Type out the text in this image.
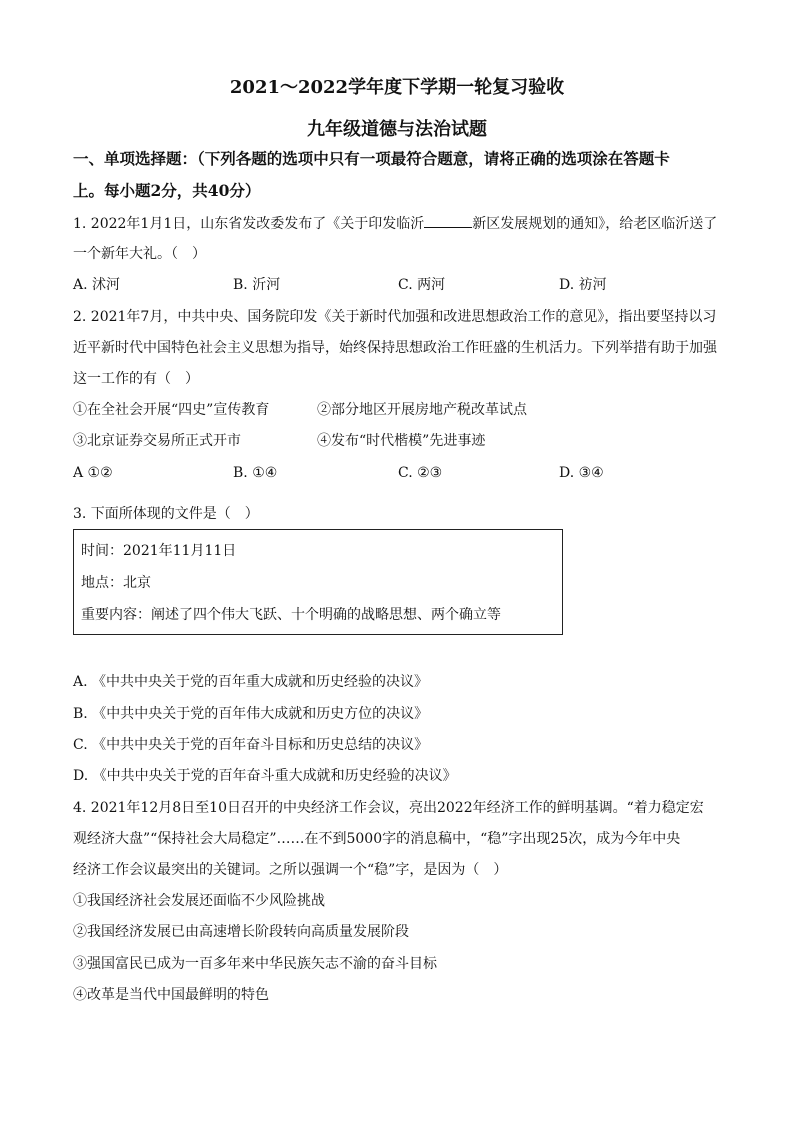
2021～2022学年度下学期一轮复习验收
九年级道德与法治试题
一、单项选择题：（下列各题的选项中只有一项最符合题意，请将正确的选项涂在答题卡
上。每小题2分，共40分）
1. 2022年1月1日，山东省发改委发布了《关于印发临沂	新区发展规划的通知》，给老区临沂送了
一个新年大礼。（　）
A. 沭河	B. 沂河	C. 两河	D. 祊河
2. 2021年7月，中共中央、国务院印发《关于新时代加强和改进思想政治工作的意见》，指出要坚持以习
近平新时代中国特色社会主义思想为指导，始终保持思想政治工作旺盛的生机活力。下列举措有助于加强
这一工作的有（　）
①在全社会开展“四史”宣传教育	②部分地区开展房地产税改革试点
③北京证券交易所正式开市	④发布“时代楷模”先进事迹
A ①②	B. ①④	C. ②③	D. ③④
3. 下面所体现的文件是（　）
时间：2021年11月11日
地点：北京
重要内容：阐述了四个伟大飞跃、十个明确的战略思想、两个确立等
A. 《中共中央关于党的百年重大成就和历史经验的决议》
B. 《中共中央关于党的百年伟大成就和历史方位的决议》
C. 《中共中央关于党的百年奋斗目标和历史总结的决议》
D. 《中共中央关于党的百年奋斗重大成就和历史经验的决议》
4. 2021年12月8日至10日召开的中央经济工作会议，亮出2022年经济工作的鲜明基调。“着力稳定宏
观经济大盘”“保持社会大局稳定”……在不到5000字的消息稿中，“稳”字出现25次，成为今年中央
经济工作会议最突出的关键词。之所以强调一个“稳”字，是因为（　）
①我国经济社会发展还面临不少风险挑战
②我国经济发展已由高速增长阶段转向高质量发展阶段
③强国富民已成为一百多年来中华民族矢志不渝的奋斗目标
④改革是当代中国最鲜明的特色
